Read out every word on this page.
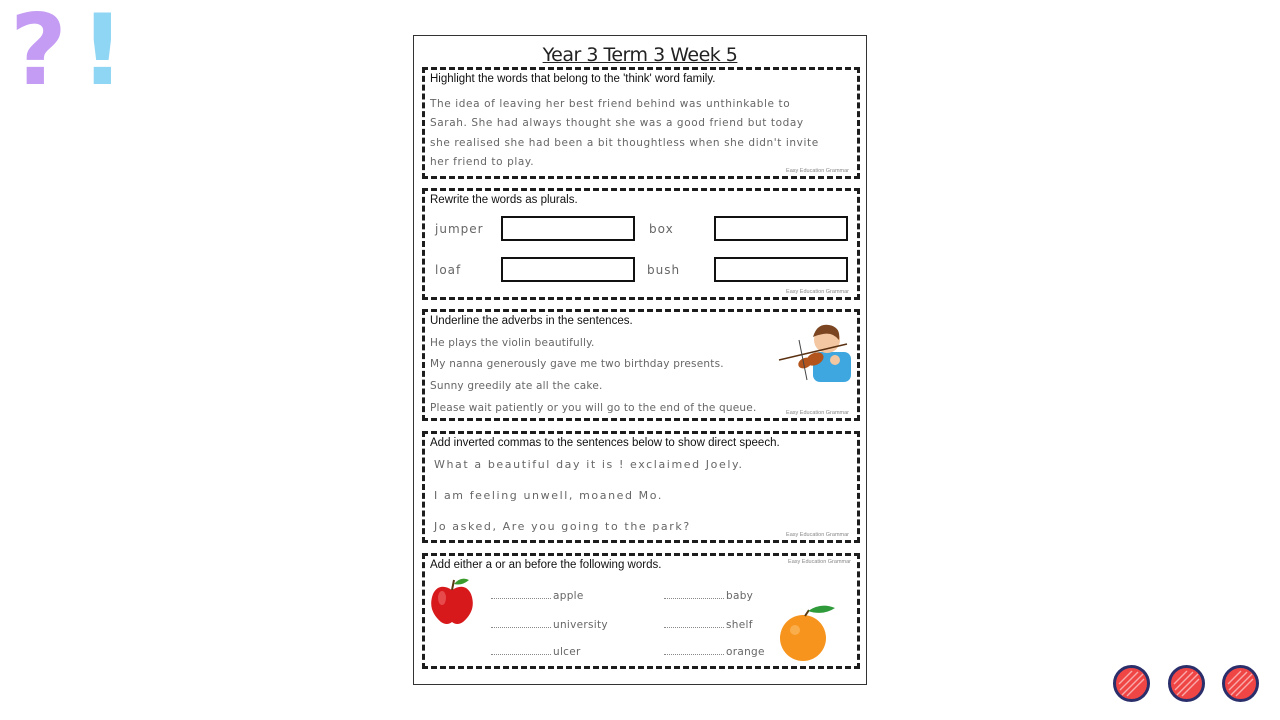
? !	Year 3 Term 3 Week 5
Highlight the words that belong to the 'think' word family.
The idea of leaving her best friend behind was unthinkable to
Sarah. She had always thought she was a good friend but today
she realised she had been a bit thoughtless when she didn't invite
her friend to play.
Easy Education Grammar
Rewrite the words as plurals.
jumper	box
loaf	bush
Easy Education Grammar
Underline the adverbs in the sentences.
He plays the violin beautifully.
My nanna generously gave me two birthday presents.
Sunny greedily ate all the cake.
Please wait patiently or you will go to the end of the queue.	Easy Education Grammar
Add inverted commas to the sentences below to show direct speech.
What a beautiful day it is ! exclaimed Joely.
I am feeling unwell, moaned Mo.
Jo asked, Are you going to the park?
Easy Education Grammar
Add either a or an before the following words.	Easy Education Grammar
apple	baby
university	shelf
ulcer	orange
